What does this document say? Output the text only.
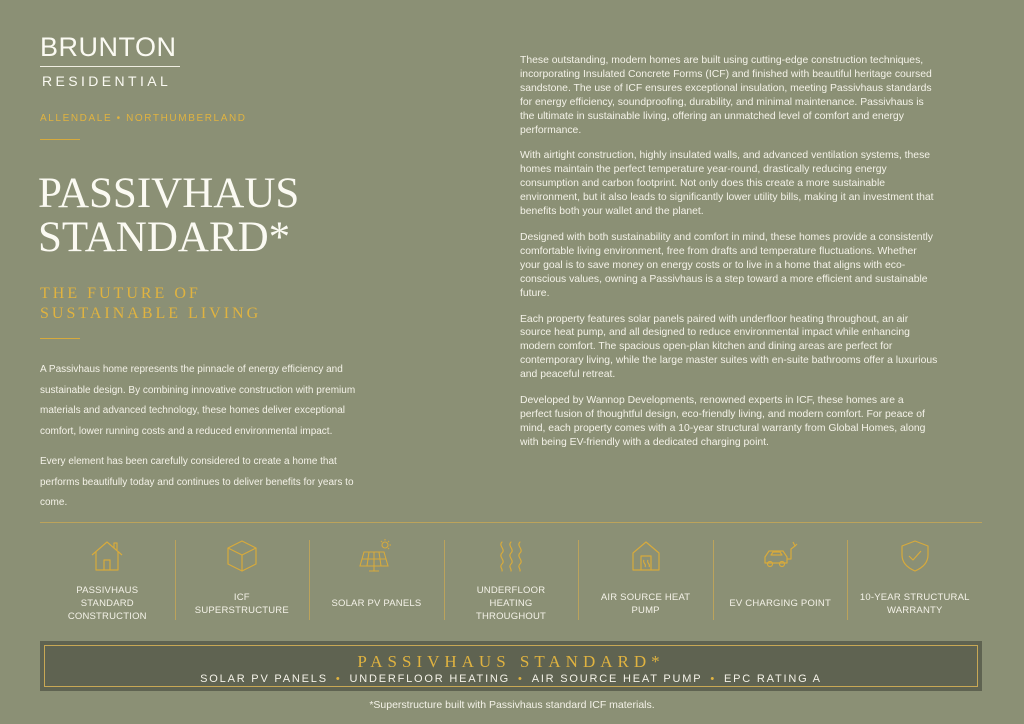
BRUNTON
RESIDENTIAL
ALLENDALE • NORTHUMBERLAND
PASSIVHAUS
STANDARD*
THE FUTURE OF
SUSTAINABLE LIVING

A Passivhaus home represents the pinnacle of energy efficiency and sustainable design. By combining innovative construction with premium materials and advanced technology, these homes deliver exceptional comfort, lower running costs and a reduced environmental impact.

Every element has been carefully considered to create a home that performs beautifully today and continues to deliver benefits for years to come.

These outstanding, modern homes are built using cutting-edge construction techniques, incorporating Insulated Concrete Forms (ICF) and finished with beautiful heritage coursed sandstone. The use of ICF ensures exceptional insulation, meeting Passivhaus standards for energy efficiency, soundproofing, durability, and minimal maintenance. Passivhaus is the ultimate in sustainable living, offering an unmatched level of comfort and energy performance.

With airtight construction, highly insulated walls, and advanced ventilation systems, these homes maintain the perfect temperature year-round, drastically reducing energy consumption and carbon footprint. Not only does this create a more sustainable environment, but it also leads to significantly lower utility bills, making it an investment that benefits both your wallet and the planet.

Designed with both sustainability and comfort in mind, these homes provide a consistently comfortable living environment, free from drafts and temperature fluctuations. Whether your goal is to save money on energy costs or to live in a home that aligns with eco-conscious values, owning a Passivhaus is a step toward a more efficient and sustainable future.

Each property features solar panels paired with underfloor heating throughout, an air source heat pump, and all designed to reduce environmental impact while enhancing modern comfort. The spacious open-plan kitchen and dining areas are perfect for contemporary living, while the large master suites with en-suite bathrooms offer a luxurious and peaceful retreat.

Developed by Wannop Developments, renowned experts in ICF, these homes are a perfect fusion of thoughtful design, eco-friendly living, and modern comfort. For peace of mind, each property comes with a 10-year structural warranty from Global Homes, along with being EV-friendly with a dedicated charging point.

PASSIVHAUS STANDARD CONSTRUCTION
ICF SUPERSTRUCTURE
SOLAR PV PANELS
UNDERFLOOR HEATING THROUGHOUT
AIR SOURCE HEAT PUMP
EV CHARGING POINT
10-YEAR STRUCTURAL WARRANTY
PASSIVHAUS STANDARD*
SOLAR PV PANELS • UNDERFLOOR HEATING • AIR SOURCE HEAT PUMP • EPC RATING A
*Superstructure built with Passivhaus standard ICF materials.
